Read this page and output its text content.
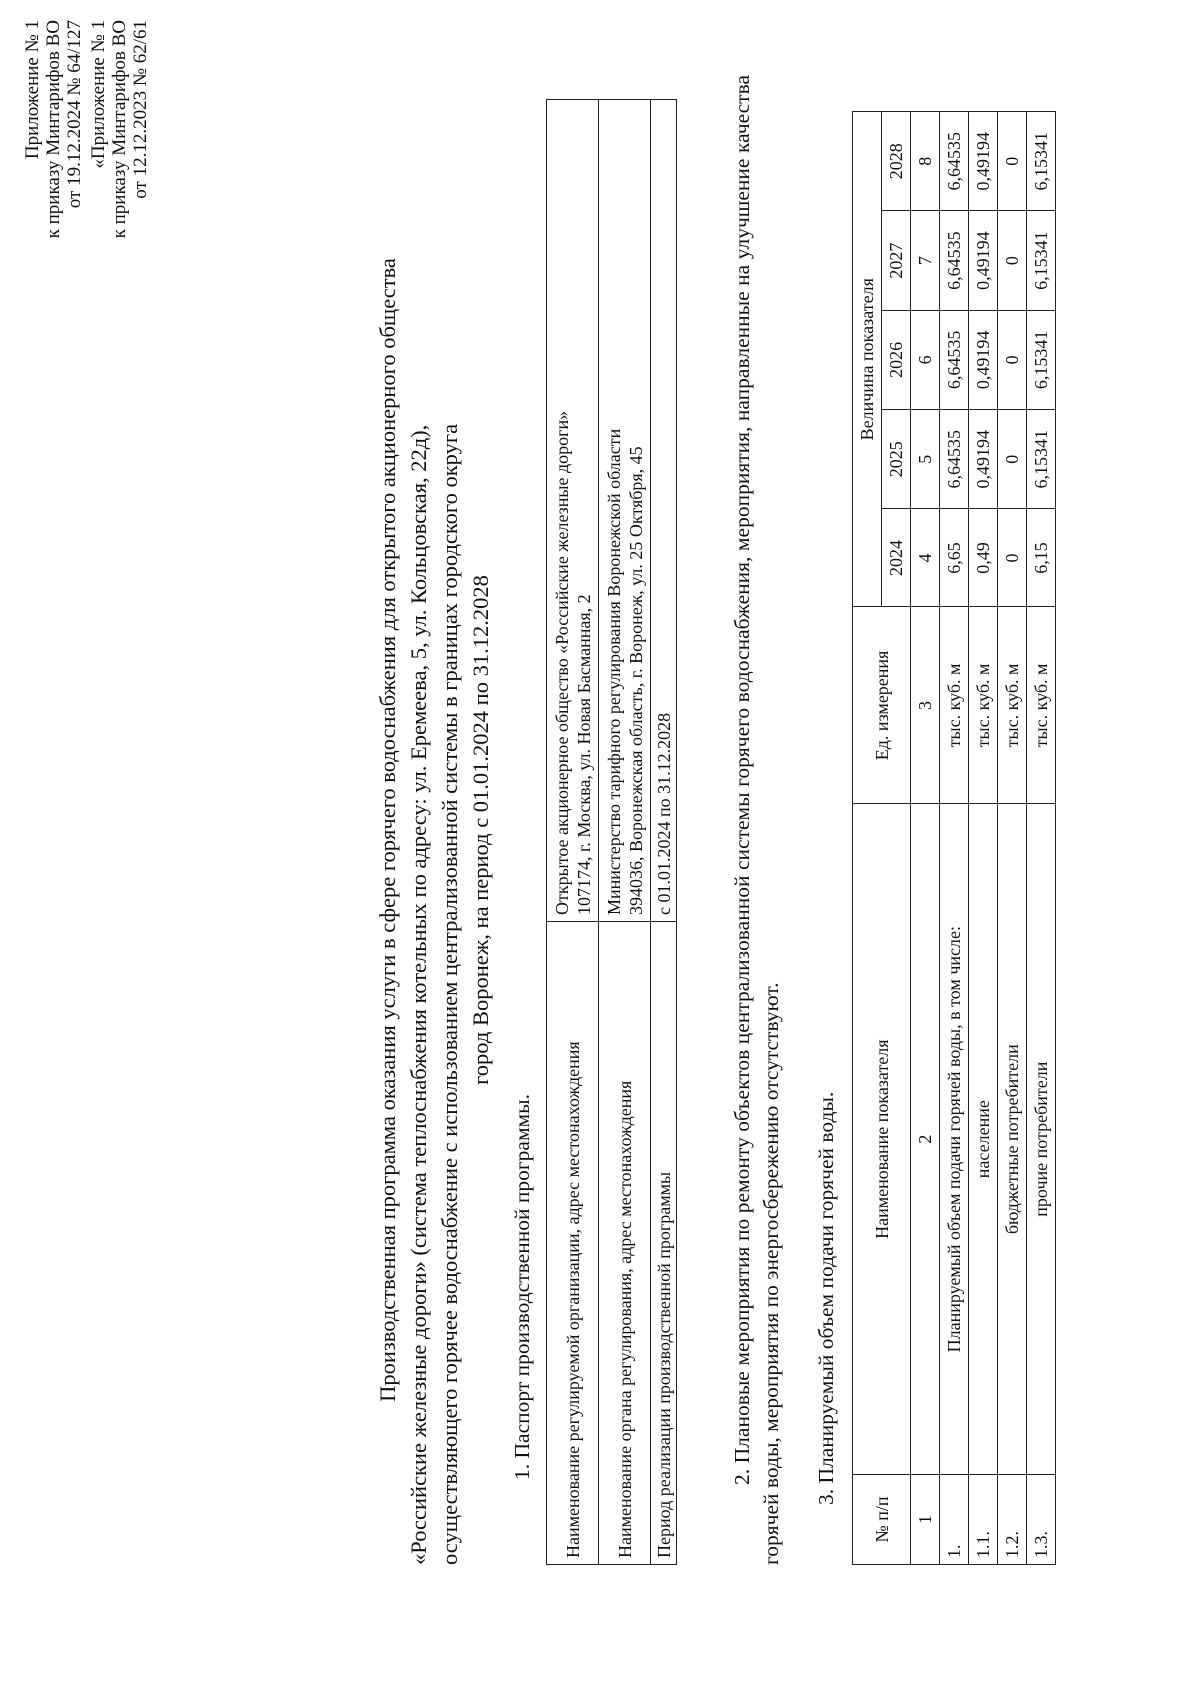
Приложение № 1 к приказу Минтарифов ВО от 19.12.2024 № 64/127 «Приложение № 1 к приказу Минтарифов ВО от 12.12.2023 № 62/61
Производственная программа оказания услуги в сфере горячего водоснабжения для открытого акционерного общества «Российские железные дороги» (система теплоснабжения котельных по адресу: ул. Еремеева, 5, ул. Кольцовская, 22д), осуществляющего горячее водоснабжение с использованием централизованной системы в границах городского округа город Воронеж, на период с 01.01.2024 по 31.12.2028
1. Паспорт производственной программы. Наименование регулируемой организации, адрес местонахождения	Открытое акционерное общество «Российские железные дороги» 107174, г. Москва, ул. Новая Басманная, 2

Наименование органа регулирования, адрес местонахождения	Министерство тарифного регулирования Воронежской области 394036, Воронежская область, г. Воронеж, ул. 25 Октября, 45

Период реализации производственной программы	с 01.01.2024 по 31.12.2028	2. Плановые мероприятия по ремонту объектов централизованной системы горячего водоснабжения, мероприятия, направленные на улучшение качества горячей воды, мероприятия по энергосбережению отсутствуют. 3. Планируемый объем подачи горячей воды.
№ п/п	Наименование показателя	Ед. измерения	Величина показателя				
			2024	2025	2026	2027	2028
1	2	3	4	5	6	7	8
1.	Планируемый объем подачи горячей воды, в том числе:	тыс. куб. м	6,65	6,64535	6,64535	6,64535	6,64535
1.1.	население	тыс. куб. м	0,49	0,49194	0,49194	0,49194	0,49194
1.2.	бюджетные потребители	тыс. куб. м	0	0	0	0	0
1.3.	прочие потребители	тыс. куб. м	6,15	6,15341	6,15341	6,15341	6,15341
